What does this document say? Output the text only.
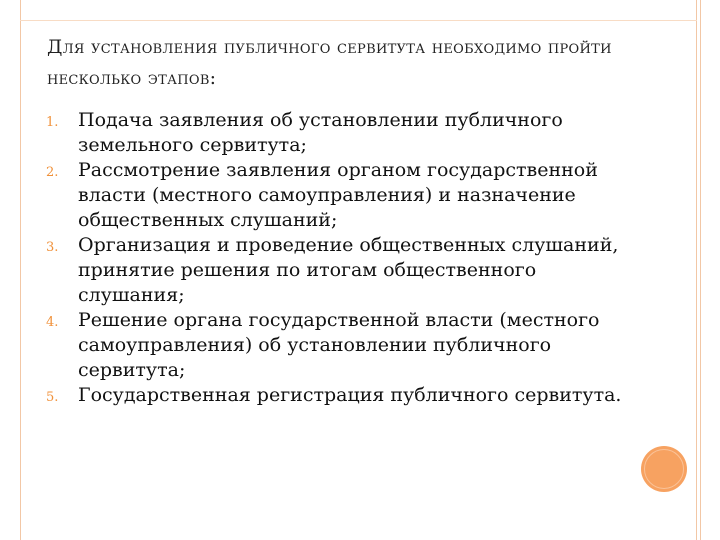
Для установления публичного сервитута необходимо пройти несколько этапов:
1.	Подача заявления об установлении публичного земельного сервитута;
2.	Рассмотрение заявления органом государственной власти (местного самоуправления) и назначение общественных слушаний;
3.	Организация и проведение общественных слушаний, принятие решения по итогам общественного слушания;
4.	Решение органа государственной власти (местного самоуправления) об установлении публичного сервитута;
5.	Государственная регистрация публичного сервитута.
